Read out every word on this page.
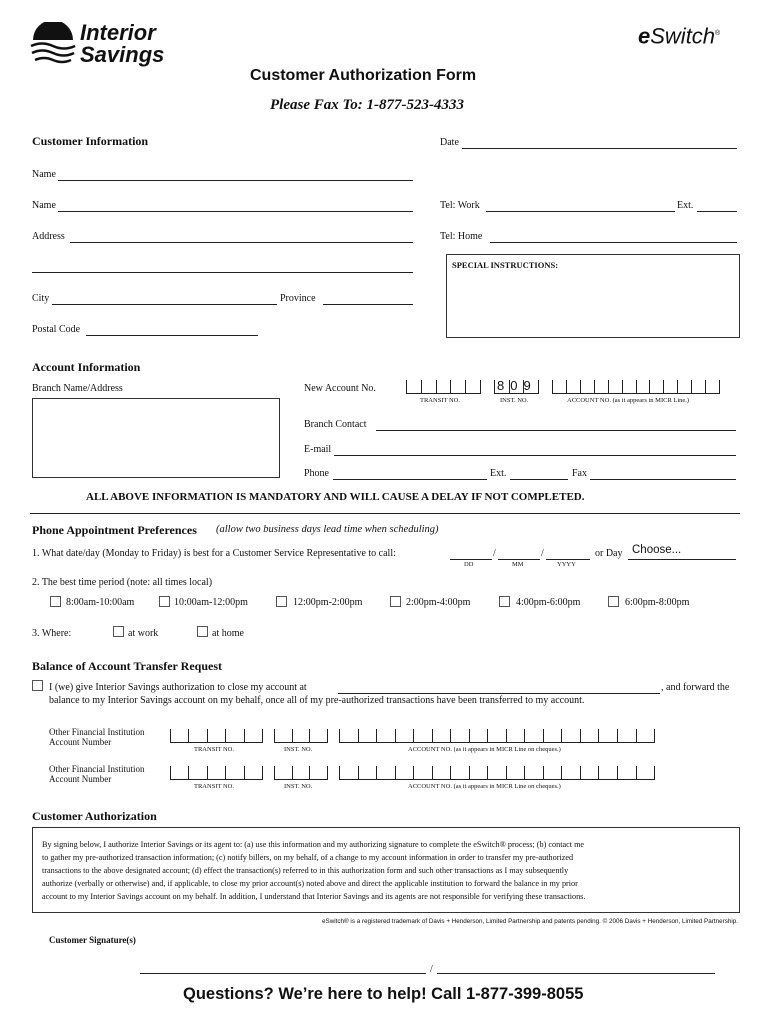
Interior
Savings
eSwitch®
Customer Authorization Form
Please Fax To: 1-877-523-4333
Customer Information	Date
Name
Name	Tel: Work	Ext.
Address	Tel: Home
SPECIAL INSTRUCTIONS:
City	Province
Postal Code
Account Information
Branch Name/Address	New Account No.	809
TRANSIT NO.	INST. NO.	ACCOUNT NO. (as it appears in MICR Line.)
Branch Contact
E-mail
Phone	Ext.	Fax
ALL ABOVE INFORMATION IS MANDATORY AND WILL CAUSE A DELAY IF NOT COMPLETED.
Phone Appointment Preferences (allow two business days lead time when scheduling)
1. What date/day (Monday to Friday) is best for a Customer Service Representative to call:	/	/	or Day Choose...
DD	MM	YYYY
2. The best time period (note: all times local)
8:00am-10:00am	10:00am-12:00pm	12:00pm-2:00pm	2:00pm-4:00pm	4:00pm-6:00pm	6:00pm-8:00pm
3. Where:	at work	at home
Balance of Account Transfer Request
I (we) give Interior Savings authorization to close my account at	, and forward the
balance to my Interior Savings account on my behalf, once all of my pre-authorized transactions have been transferred to my account.
Other Financial Institution
Account Number
TRANSIT NO.	INST. NO.	ACCOUNT NO. (as it appears in MICR Line on cheques.)
Other Financial Institution
Account Number
TRANSIT NO.	INST. NO.	ACCOUNT NO. (as it appears in MICR Line on cheques.)
Customer Authorization
By signing below, I authorize Interior Savings or its agent to: (a) use this information and my authorizing signature to complete the eSwitch® process; (b) contact me
to gather my pre-authorized transaction information; (c) notify billers, on my behalf, of a change to my account information in order to transfer my pre-authorized
transactions to the above designated account; (d) effect the transaction(s) referred to in this authorization form and such other transactions as I may subsequently
authorize (verbally or otherwise) and, if applicable, to close my prior account(s) noted above and direct the applicable institution to forward the balance in my prior
account to my Interior Savings account on my behalf. In addition, I understand that Interior Savings and its agents are not responsible for verifying these transactions.
eSwitch® is a registered trademark of Davis + Henderson, Limited Partnership and patents pending. © 2006 Davis + Henderson, Limited Partnership.
Customer Signature(s)
/
Questions? We’re here to help! Call 1-877-399-8055
